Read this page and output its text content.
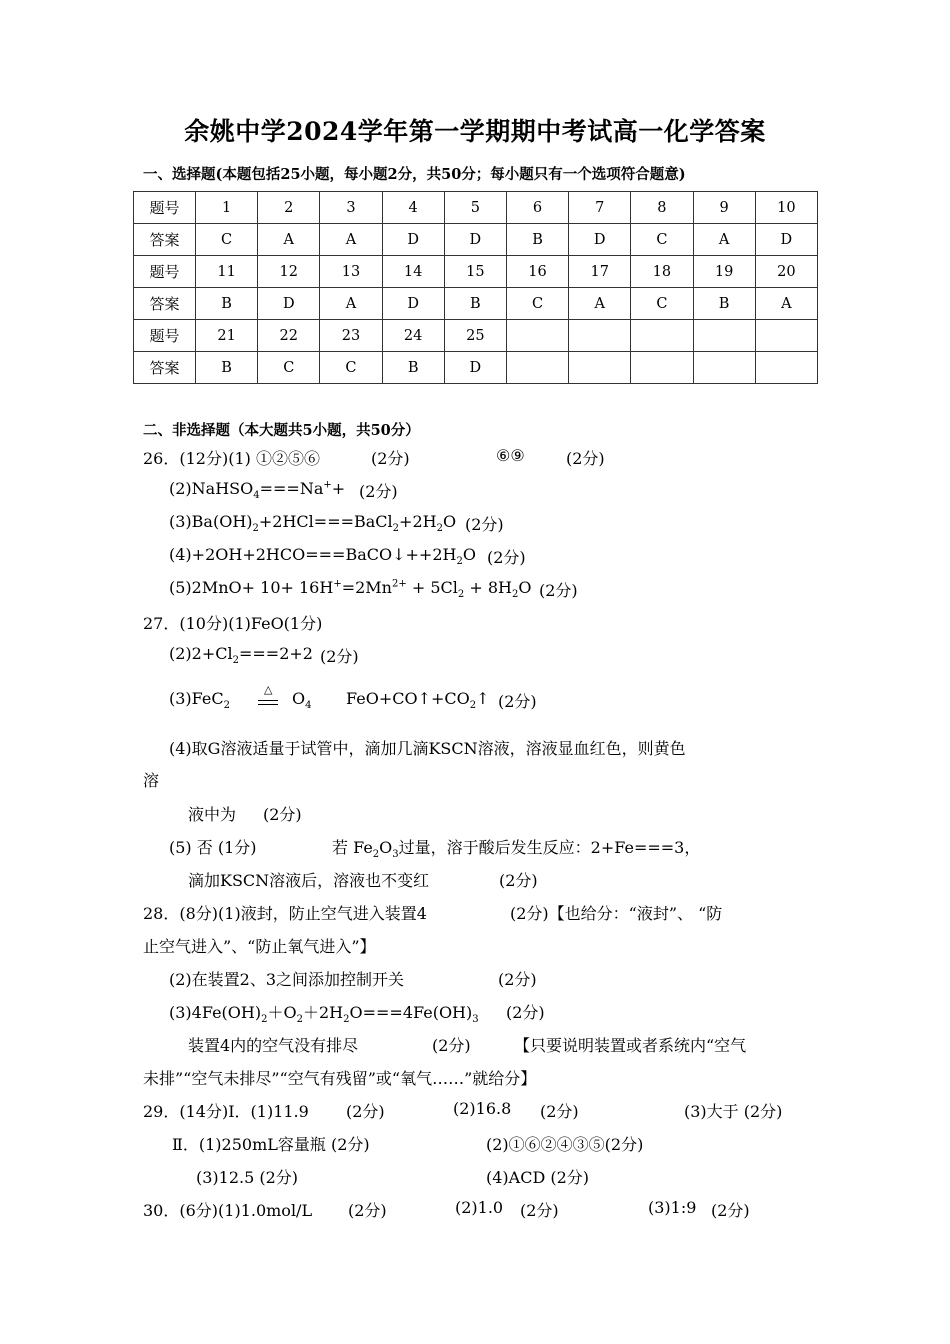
余姚中学2024学年第一学期期中考试高一化学答案
一、选择题(本题包括25小题，每小题2分，共50分；每小题只有一个选项符合题意)
题号	1	2	3	4	5	6	7	8	9	10
答案	C	A	A	D	D	B	D	C	A	D
题号	11	12	13	14	15	16	17	18	19	20
答案	B	D	A	D	B	C	A	C	B	A
题号	21	22	23	24	25					
答案	B	C	C	B	D					
二、非选择题（本大题共5小题，共50分）
26．(12分)(1) ①②⑤⑥	(2分)	⑥⑨	(2分)
(2)NaHSO$_4$===Na++ (2分)
$(3)Ba(OH)_2+2HCl===BaCl_2+2H_2O$ (2分)
$(4)+2OH+2HCO===BaCO↓++2H_2O$ (2分)
$(5)2MnO+ 10+ 16H^+=2Mn^{2+} + 5Cl_2 + 8H_2O$ (2分)
27．(10分)(1)FeO(1分)
$(2)2+Cl_2===2+2$ (2分)
(3)FeC$_2$
△ $O_4$ $FeO+CO↑+CO_2↑$ (2分)
(4)取G溶液适量于试管中，滴加几滴KSCN溶液，溶液显血红色，则黄色
溶
液中为 (2分)
(5) 否 (1分)	若 $Fe_2O_3$过量，溶于酸后发生反应：2+Fe===3，
滴加KSCN溶液后，溶液也不变红	(2分)
28．(8分)(1)液封，防止空气进入装置4	(2分)【也给分：“液封”、 “防
止空气进入”、“防止氧气进入”】
(2)在装置2、3之间添加控制开关	(2分)
$(3)4Fe(OH)_2+O_2+2H_2O===4Fe(OH)_3$ (2分)
装置4内的空气没有排尽	(2分)	【只要说明装置或者系统内“空气
未排”“空气未排尽”“空气有残留”或“氧气……”就给分】
29．(14分)Ⅰ．(1)11.9 (2分)	(2)16.8 (2分)	(3)大于 (2分)
Ⅱ．(1)250mL容量瓶 (2分)	(2)①⑥②④③⑤(2分)
(3)12.5 (2分)	(4)ACD (2分)
30．(6分)(1)1.0mol/L (2分)	(2)1.0 (2分)	(3)1:9 (2分)
